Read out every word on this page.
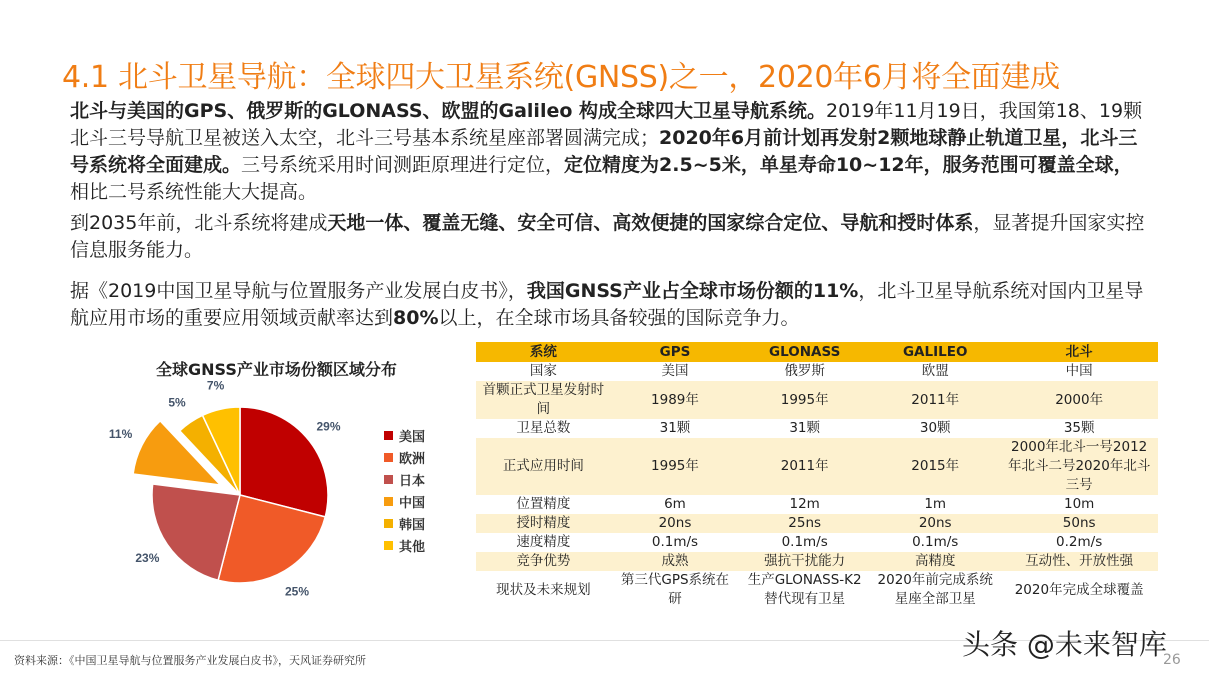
4.1 北斗卫星导航：全球四大卫星系统(GNSS)之一，2020年6月将全面建成
北斗与美国的GPS、俄罗斯的GLONASS、欧盟的Galileo 构成全球四大卫星导航系统。2019年11月19日，我国第18、19颗北斗三号导航卫星被送入太空，北斗三号基本系统星座部署圆满完成；2020年6月前计划再发射2颗地球静止轨道卫星，北斗三号系统将全面建成。三号系统采用时间测距原理进行定位，定位精度为2.5~5米，单星寿命10~12年，服务范围可覆盖全球，相比二号系统性能大大提高。
到2035年前，北斗系统将建成天地一体、覆盖无缝、安全可信、高效便捷的国家综合定位、导航和授时体系，显著提升国家实控信息服务能力。
据《2019中国卫星导航与位置服务产业发展白皮书》，我国GNSS产业占全球市场份额的11%，北斗卫星导航系统对国内卫星导航应用市场的重要应用领域贡献率达到80%以上，在全球市场具备较强的国际竞争力。
全球GNSS产业市场份额区域分布
29%
25%
23%
11%
5%
7%
美国
欧洲
日本
中国
韩国
其他
系统	GPS	GLONASS	GALILEO	北斗
国家	美国	俄罗斯	欧盟	中国
首颗正式卫星发射时间	1989年	1995年	2011年	2000年
卫星总数	31颗	31颗	30颗	35颗
正式应用时间	1995年	2011年	2015年	2000年北斗一号2012年北斗二号2020年北斗三号
位置精度	6m	12m	1m	10m
授时精度	20ns	25ns	20ns	50ns
速度精度	0.1m/s	0.1m/s	0.1m/s	0.2m/s
竞争优势	成熟	强抗干扰能力	高精度	互动性、开放性强
现状及未来规划	第三代GPS系统在研	生产GLONASS-K2替代现有卫星	2020年前完成系统星座全部卫星	2020年完成全球覆盖
资料来源：《中国卫星导航与位置服务产业发展白皮书》，天风证券研究所	头条 @未来智库
26
